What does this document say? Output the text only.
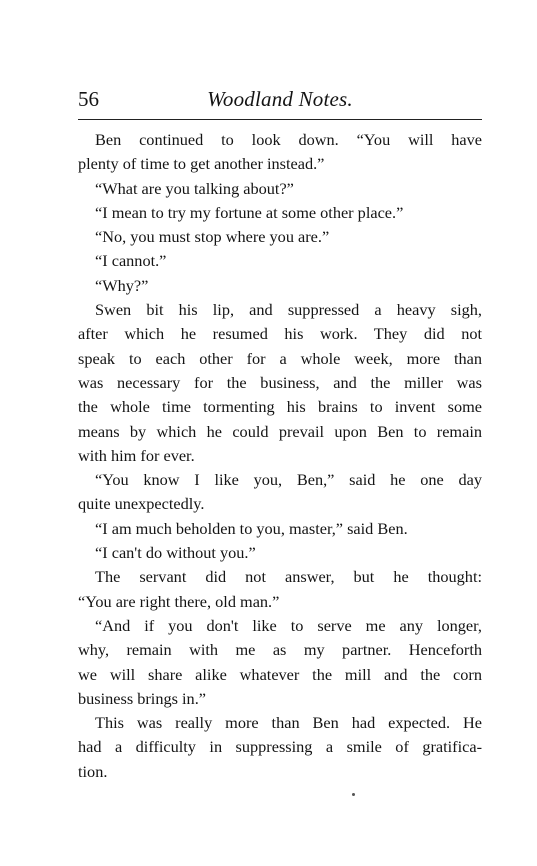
56	Woodland Notes.
Ben continued to look down. “You will have
plenty of time to get another instead.”
“What are you talking about?”
“I mean to try my fortune at some other place.”
“No, you must stop where you are.”
“I cannot.”
“Why?”
Swen bit his lip, and suppressed a heavy sigh,
after which he resumed his work. They did not
speak to each other for a whole week, more than
was necessary for the business, and the miller was
the whole time tormenting his brains to invent some
means by which he could prevail upon Ben to remain
with him for ever.
“You know I like you, Ben,” said he one day
quite unexpectedly.
“I am much beholden to you, master,” said Ben.
“I can't do without you.”
The servant did not answer, but he thought:
“You are right there, old man.”
“And if you don't like to serve me any longer,
why, remain with me as my partner. Henceforth
we will share alike whatever the mill and the corn
business brings in.”
This was really more than Ben had expected. He
had a difficulty in suppressing a smile of gratifica-
tion.
